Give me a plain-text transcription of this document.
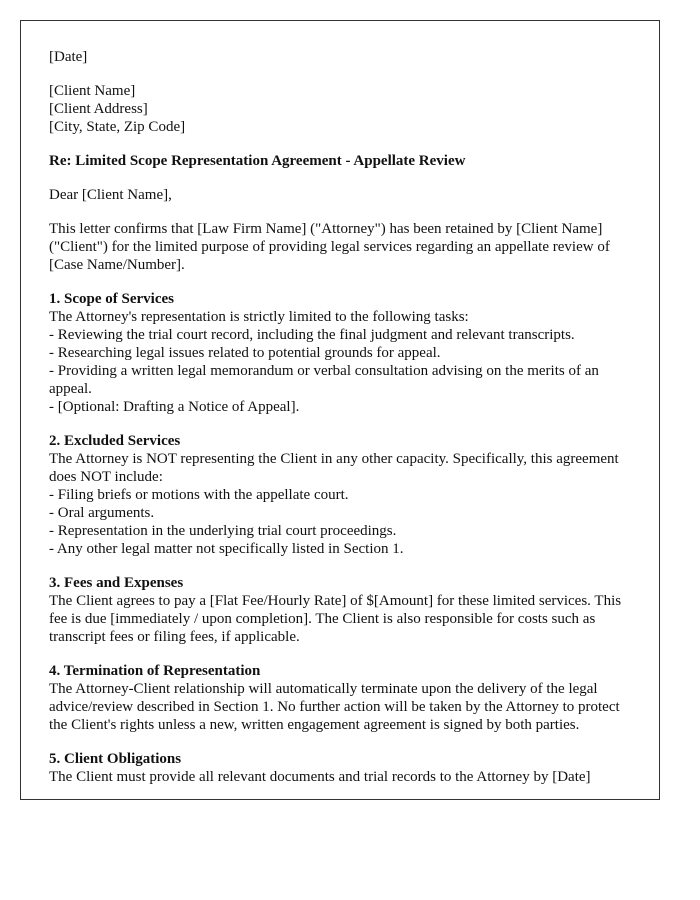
[Date]
[Client Name]
[Client Address]
[City, State, Zip Code]
Re: Limited Scope Representation Agreement - Appellate Review
Dear [Client Name],
This letter confirms that [Law Firm Name] ("Attorney") has been retained by [Client Name] ("Client") for the limited purpose of providing legal services regarding an appellate review of [Case Name/Number].
1. Scope of Services
The Attorney's representation is strictly limited to the following tasks:
- Reviewing the trial court record, including the final judgment and relevant transcripts.
- Researching legal issues related to potential grounds for appeal.
- Providing a written legal memorandum or verbal consultation advising on the merits of an appeal.
- [Optional: Drafting a Notice of Appeal].
2. Excluded Services
The Attorney is NOT representing the Client in any other capacity. Specifically, this agreement does NOT include:
- Filing briefs or motions with the appellate court.
- Oral arguments.
- Representation in the underlying trial court proceedings.
- Any other legal matter not specifically listed in Section 1.
3. Fees and Expenses
The Client agrees to pay a [Flat Fee/Hourly Rate] of $[Amount] for these limited services. This fee is due [immediately / upon completion]. The Client is also responsible for costs such as transcript fees or filing fees, if applicable.
4. Termination of Representation
The Attorney-Client relationship will automatically terminate upon the delivery of the legal advice/review described in Section 1. No further action will be taken by the Attorney to protect the Client's rights unless a new, written engagement agreement is signed by both parties.
5. Client Obligations
The Client must provide all relevant documents and trial records to the Attorney by [Date]
